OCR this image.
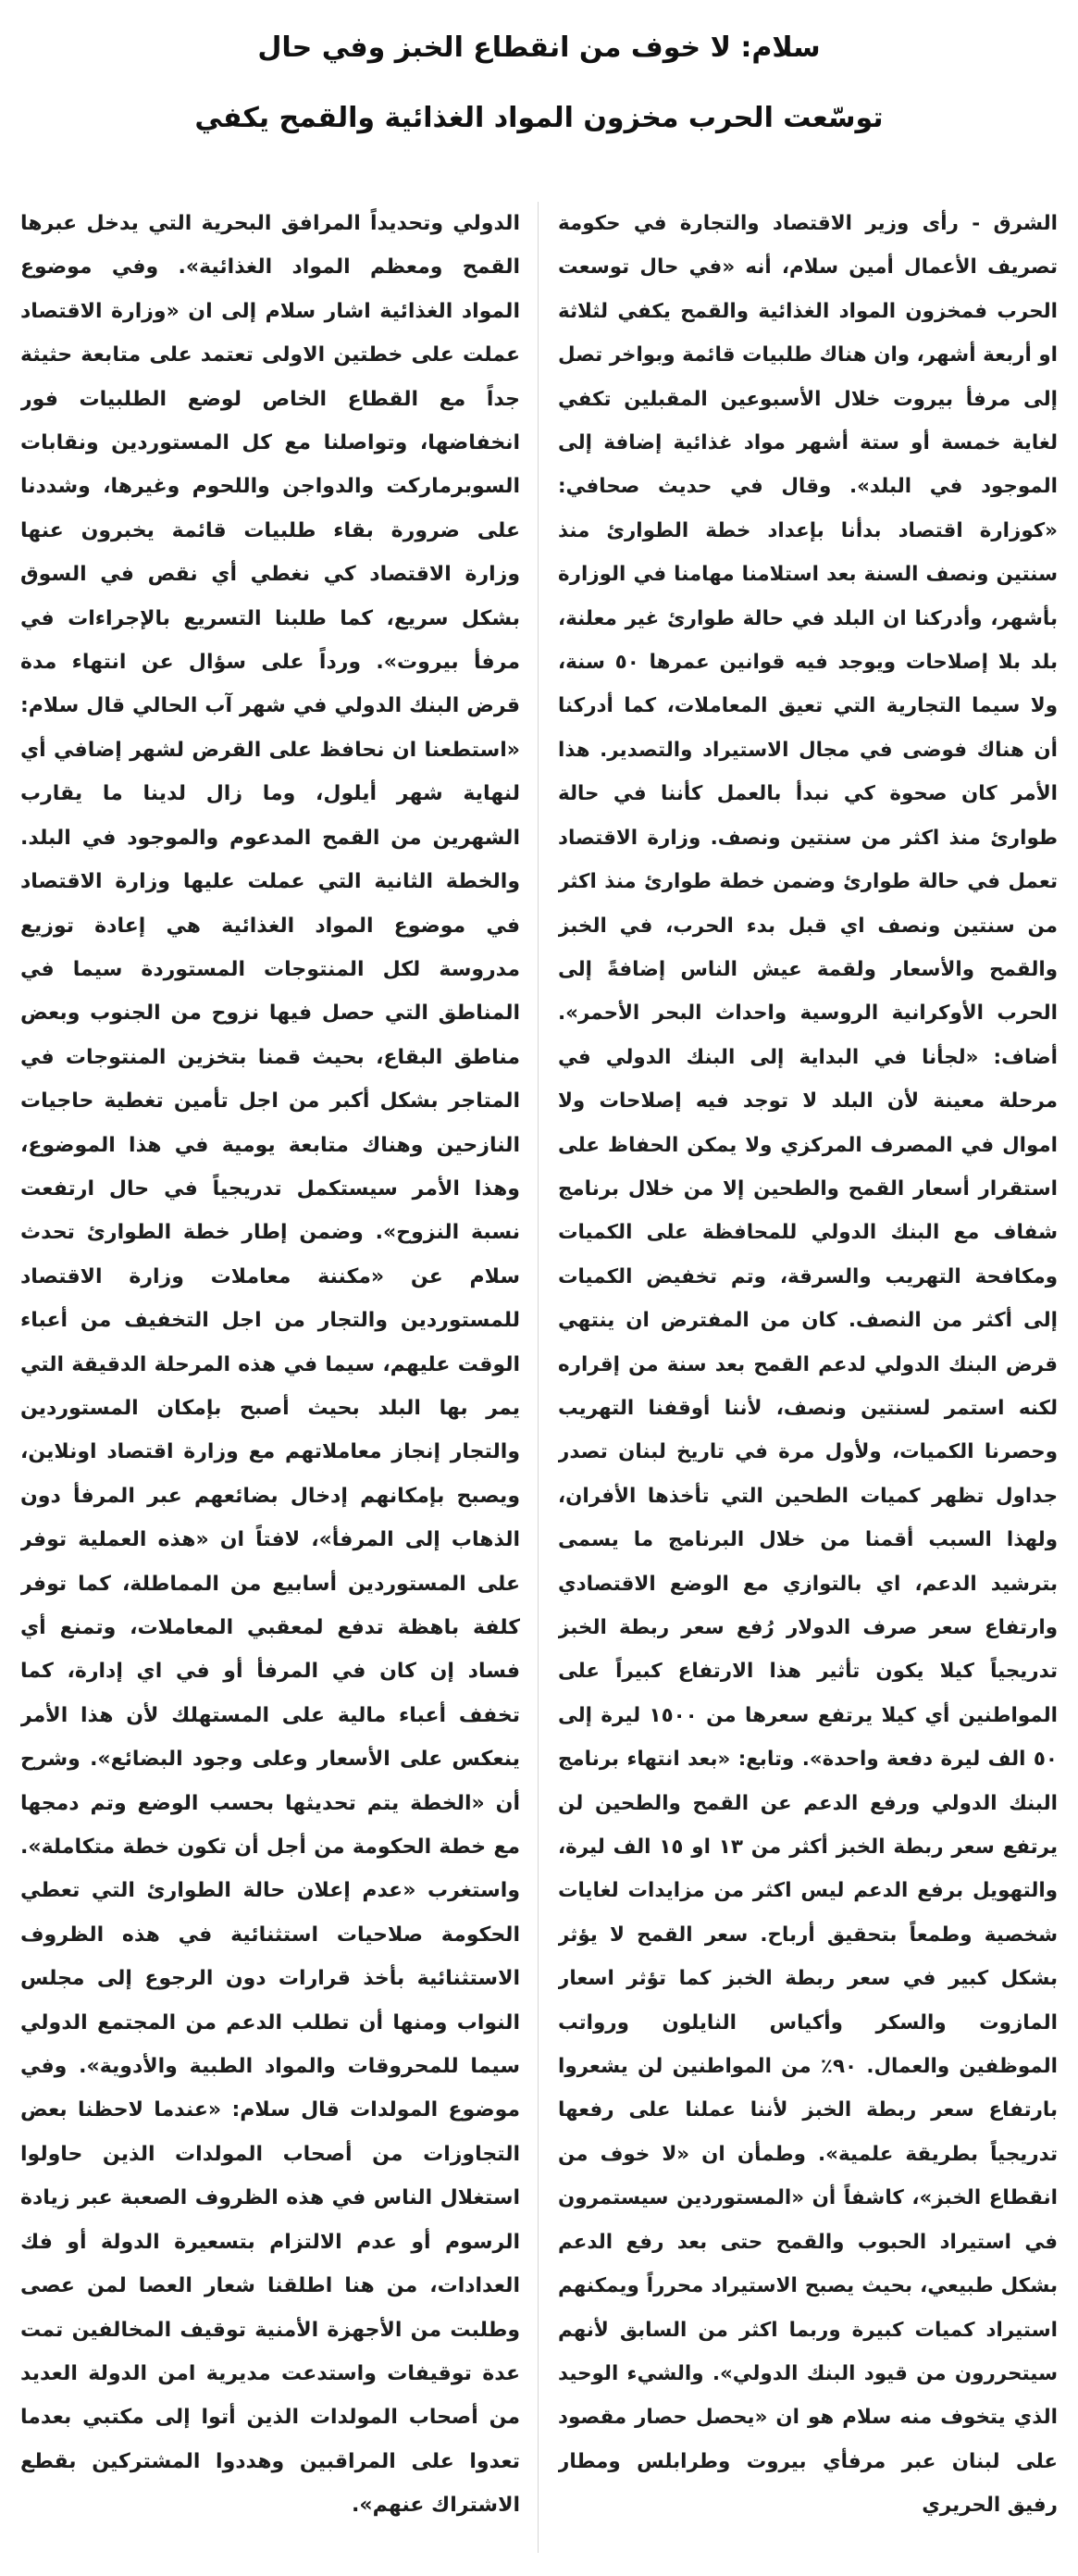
سلام: لا خوف من انقطاع الخبز وفي حال
توسّعت الحرب مخزون المواد الغذائية والقمح يكفي

الشرق - رأى وزير الاقتصاد والتجارة في حكومة تصريف الأعمال أمين سلام، أنه «في حال توسعت الحرب فمخزون المواد الغذائية والقمح يكفي لثلاثة او أربعة أشهر، وان هناك طلبيات قائمة وبواخر تصل إلى مرفأ بيروت خلال الأسبوعين المقبلين تكفي لغاية خمسة أو ستة أشهر مواد غذائية إضافة إلى الموجود في البلد». وقال في حديث صحافي: «كوزارة اقتصاد بدأنا بإعداد خطة الطوارئ منذ سنتين ونصف السنة بعد استلامنا مهامنا في الوزارة بأشهر، وأدركنا ان البلد في حالة طوارئ غير معلنة، بلد بلا إصلاحات ويوجد فيه قوانين عمرها ٥٠ سنة، ولا سيما التجارية التي تعيق المعاملات، كما أدركنا أن هناك فوضى في مجال الاستيراد والتصدير. هذا الأمر كان صحوة كي نبدأ بالعمل كأننا في حالة طوارئ منذ اكثر من سنتين ونصف. وزارة الاقتصاد تعمل في حالة طوارئ وضمن خطة طوارئ منذ اكثر من سنتين ونصف اي قبل بدء الحرب، في الخبز والقمح والأسعار ولقمة عيش الناس إضافةً إلى الحرب الأوكرانية الروسية واحداث البحر الأحمر». أضاف: «لجأنا في البداية إلى البنك الدولي في مرحلة معينة لأن البلد لا توجد فيه إصلاحات ولا اموال في المصرف المركزي ولا يمكن الحفاظ على استقرار أسعار القمح والطحين إلا من خلال برنامج شفاف مع البنك الدولي للمحافظة على الكميات ومكافحة التهريب والسرقة، وتم تخفيض الكميات إلى أكثر من النصف. كان من المفترض ان ينتهي قرض البنك الدولي لدعم القمح بعد سنة من إقراره لكنه استمر لسنتين ونصف، لأننا أوقفنا التهريب وحصرنا الكميات، ولأول مرة في تاريخ لبنان تصدر جداول تظهر كميات الطحين التي تأخذها الأفران، ولهذا السبب أقمنا من خلال البرنامج ما يسمى بترشيد الدعم، اي بالتوازي مع الوضع الاقتصادي وارتفاع سعر صرف الدولار رُفع سعر ربطة الخبز تدريجياً كيلا يكون تأثير هذا الارتفاع كبيراً على المواطنين أي كيلا يرتفع سعرها من ١٥٠٠ ليرة إلى ٥٠ الف ليرة دفعة واحدة». وتابع: «بعد انتهاء برنامج البنك الدولي ورفع الدعم عن القمح والطحين لن يرتفع سعر ربطة الخبز أكثر من ١٣ او ١٥ الف ليرة، والتهويل برفع الدعم ليس اكثر من مزايدات لغايات شخصية وطمعاً بتحقيق أرباح. سعر القمح لا يؤثر بشكل كبير في سعر ربطة الخبز كما تؤثر اسعار المازوت والسكر وأكياس النايلون ورواتب الموظفين والعمال. ٩٠٪ من المواطنين لن يشعروا بارتفاع سعر ربطة الخبز لأننا عملنا على رفعها تدريجياً بطريقة علمية». وطمأن ان «لا خوف من انقطاع الخبز»، كاشفاً أن «المستوردين سيستمرون في استيراد الحبوب والقمح حتى بعد رفع الدعم بشكل طبيعي، بحيث يصبح الاستيراد محرراً ويمكنهم استيراد كميات كبيرة وربما اكثر من السابق لأنهم سيتحررون من قيود البنك الدولي». والشيء الوحيد الذي يتخوف منه سلام هو ان «يحصل حصار مقصود على لبنان عبر مرفأي بيروت وطرابلس ومطار رفيق الحريري

الدولي وتحديداً المرافق البحرية التي يدخل عبرها القمح ومعظم المواد الغذائية». وفي موضوع المواد الغذائية اشار سلام إلى ان «وزارة الاقتصاد عملت على خطتين الاولى تعتمد على متابعة حثيثة جداً مع القطاع الخاص لوضع الطلبيات فور انخفاضها، وتواصلنا مع كل المستوردين ونقابات السوبرماركت والدواجن واللحوم وغيرها، وشددنا على ضرورة بقاء طلبيات قائمة يخبرون عنها وزارة الاقتصاد كي نغطي أي نقص في السوق بشكل سريع، كما طلبنا التسريع بالإجراءات في مرفأ بيروت». ورداً على سؤال عن انتهاء مدة قرض البنك الدولي في شهر آب الحالي قال سلام: «استطعنا ان نحافظ على القرض لشهر إضافي أي لنهاية شهر أيلول، وما زال لدينا ما يقارب الشهرين من القمح المدعوم والموجود في البلد. والخطة الثانية التي عملت عليها وزارة الاقتصاد في موضوع المواد الغذائية هي إعادة توزيع مدروسة لكل المنتوجات المستوردة سيما في المناطق التي حصل فيها نزوح من الجنوب وبعض مناطق البقاع، بحيث قمنا بتخزين المنتوجات في المتاجر بشكل أكبر من اجل تأمين تغطية حاجيات النازحين وهناك متابعة يومية في هذا الموضوع، وهذا الأمر سيستكمل تدريجياً في حال ارتفعت نسبة النزوح». وضمن إطار خطة الطوارئ تحدث سلام عن «مكننة معاملات وزارة الاقتصاد للمستوردين والتجار من اجل التخفيف من أعباء الوقت عليهم، سيما في هذه المرحلة الدقيقة التي يمر بها البلد بحيث أصبح بإمكان المستوردين والتجار إنجاز معاملاتهم مع وزارة اقتصاد اونلاين، ويصبح بإمكانهم إدخال بضائعهم عبر المرفأ دون الذهاب إلى المرفأ»، لافتاً ان «هذه العملية توفر على المستوردين أسابيع من المماطلة، كما توفر كلفة باهظة تدفع لمعقبي المعاملات، وتمنع أي فساد إن كان في المرفأ أو في اي إدارة، كما تخفف أعباء مالية على المستهلك لأن هذا الأمر ينعكس على الأسعار وعلى وجود البضائع». وشرح أن «الخطة يتم تحديثها بحسب الوضع وتم دمجها مع خطة الحكومة من أجل أن تكون خطة متكاملة». واستغرب «عدم إعلان حالة الطوارئ التي تعطي الحكومة صلاحيات استثنائية في هذه الظروف الاستثنائية بأخذ قرارات دون الرجوع إلى مجلس النواب ومنها أن تطلب الدعم من المجتمع الدولي سيما للمحروقات والمواد الطبية والأدوية». وفي موضوع المولدات قال سلام: «عندما لاحظنا بعض التجاوزات من أصحاب المولدات الذين حاولوا استغلال الناس في هذه الظروف الصعبة عبر زيادة الرسوم أو عدم الالتزام بتسعيرة الدولة أو فك العدادات، من هنا اطلقنا شعار العصا لمن عصى وطلبت من الأجهزة الأمنية توقيف المخالفين تمت عدة توقيفات واستدعت مديرية امن الدولة العديد من أصحاب المولدات الذين أتوا إلى مكتبي بعدما تعدوا على المراقبين وهددوا المشتركين بقطع الاشتراك عنهم».
